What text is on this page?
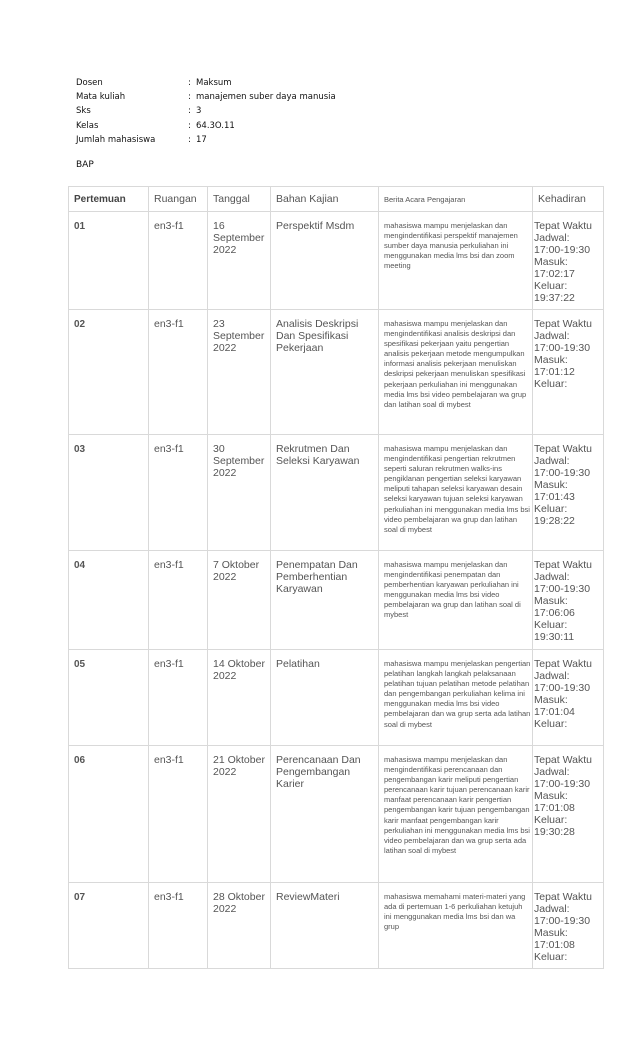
Dosen	: Maksum
Mata kuliah	: manajemen suber daya manusia
Sks	: 3
Kelas	: 64.3O.11
Jumlah mahasiswa	: 17
BAP
Pertemuan	Ruangan	Tanggal	Bahan Kajian	Berita Acara Pengajaran	Kehadiran
01	en3-f1	16 September 2022	Perspektif Msdm	mahasiswa mampu menjelaskan dan mengindentifikasi perspektif manajemen sumber daya manusia perkuliahan ini menggunakan media lms bsi dan zoom meeting	Tepat Waktu Jadwal: 17:00-19:30 Masuk: 17:02:17 Keluar: 19:37:22
02	en3-f1	23 September 2022	Analisis Deskripsi Dan Spesifikasi Pekerjaan	mahasiswa mampu menjelaskan dan mengindentifikasi analisis deskripsi dan spesifikasi pekerjaan yaitu pengertian analisis pekerjaan metode mengumpulkan informasi analisis pekerjaan menuliskan deskripsi pekerjaan menuliskan spesifikasi pekerjaan perkuliahan ini menggunakan media lms bsi video pembelajaran wa grup dan latihan soal di mybest	Tepat Waktu Jadwal: 17:00-19:30 Masuk: 17:01:12 Keluar:
03	en3-f1	30 September 2022	Rekrutmen Dan Seleksi Karyawan	mahasiswa mampu menjelaskan dan mengindentifikasi pengertian rekrutmen seperti saluran rekrutmen walks-ins pengiklanan pengertian seleksi karyawan meliputi tahapan seleksi karyawan desain seleksi karyawan tujuan seleksi karyawan perkuliahan ini menggunakan media lms bsi video pembelajaran wa grup dan latihan soal di mybest	Tepat Waktu Jadwal: 17:00-19:30 Masuk: 17:01:43 Keluar: 19:28:22
04	en3-f1	7 Oktober 2022	Penempatan Dan Pemberhentian Karyawan	mahasiswa mampu menjelaskan dan mengindentifikasi penempatan dan pemberhentian karyawan perkuliahan ini menggunakan media lms bsi video pembelajaran wa grup dan latihan soal di mybest	Tepat Waktu Jadwal: 17:00-19:30 Masuk: 17:06:06 Keluar: 19:30:11
05	en3-f1	14 Oktober 2022	Pelatihan	mahasiswa mampu menjelaskan pengertian pelatihan langkah langkah pelaksanaan pelatihan tujuan pelatihan metode pelatihan dan pengembangan perkuliahan kelima ini menggunakan media lms bsi video pembelajaran dan wa grup serta ada latihan soal di mybest	Tepat Waktu Jadwal: 17:00-19:30 Masuk: 17:01:04 Keluar:
06	en3-f1	21 Oktober 2022	Perencanaan Dan Pengembangan Karier	mahasiswa mampu menjelaskan dan mengindentifikasi perencanaan dan pengembangan karir meliputi pengertian perencanaan karir tujuan perencanaan karir manfaat perencanaan karir pengertian pengembangan karir tujuan pengembangan karir manfaat pengembangan karir perkuliahan ini menggunakan media lms bsi video pembelajaran dan wa grup serta ada latihan soal di mybest	Tepat Waktu Jadwal: 17:00-19:30 Masuk: 17:01:08 Keluar: 19:30:28
07	en3-f1	28 Oktober 2022	ReviewMateri	mahasiswa memahami materi-materi yang ada di pertemuan 1-6 perkuliahan ketujuh ini menggunakan media lms bsi dan wa grup	Tepat Waktu Jadwal: 17:00-19:30 Masuk: 17:01:08 Keluar:
